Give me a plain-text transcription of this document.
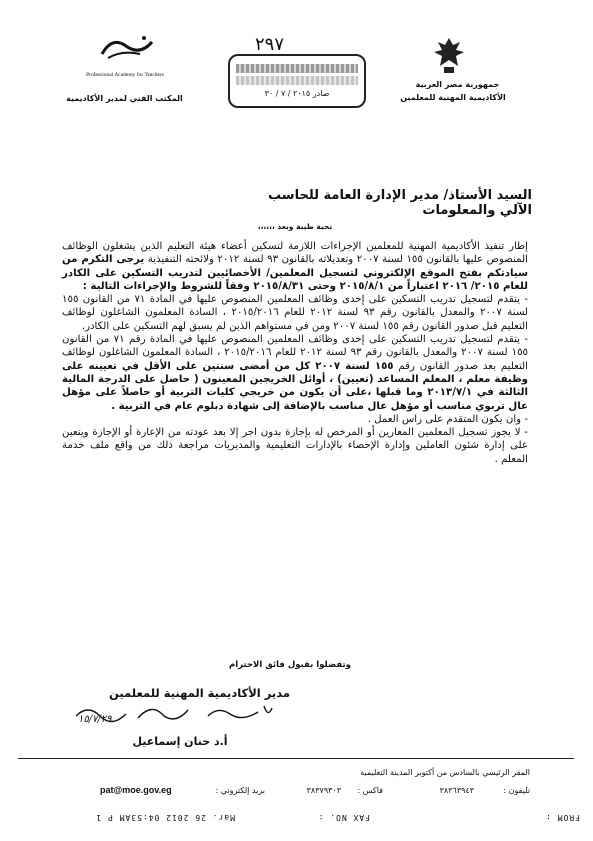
جمهورية مصر العربية
الأكاديمية المهنية للمعلمين
Professional Academy for Teachers
المكتب الفني لمدير الأكاديمية
٢٩٧
صادر ٢٠١٥ / ٧ / ٣٠
السيد الأستاذ/ مدير الإدارة العامة للحاسب الآلي والمعلومات
تحية طيبة وبعد ،،،،،،

إطار تنفيذ الأكاديمية المهنية للمعلمين الإجراءات اللازمة لتسكين أعضاء هيئة التعليم الذين يشغلون الوظائف المنصوص عليها بالقانون ١٥٥ لسنة ٢٠٠٧ وتعديلاته بالقانون ٩٣ لسنة ٢٠١٢ ولائحته التنفيذية يرجى التكرم من سيادتكم بفتح الموقع الإلكتروني لتسجيل المعلمين/ الأخصائيين لتدريب التسكين على الكادر للعام ٢٠١٥/ ٢٠١٦ اعتباراً من ٢٠١٥/٨/١ وحتى ٢٠١٥/٨/٣١ وفقاً للشروط والإجراءات التالية :

- يتقدم لتسجيل تدريب التسكين على إحدى وظائف المعلمين المنصوص عليها في المادة ٧١ من القانون ١٥٥ لسنة ٢٠٠٧ والمعدل بالقانون رقم ٩٣ لسنة ٢٠١٢ للعام ٢٠١٥/٢٠١٦ ، السادة المعلمون الشاغلون لوظائف التعليم قبل صدور القانون رقم ١٥٥ لسنة ٢٠٠٧ ومن في مستواهم الذين لم يسبق لهم التسكين على الكادر.

- يتقدم لتسجيل تدريب التسكين على إحدى وظائف المعلمين المنصوص عليها في المادة رقم ٧١ من القانون ١٥٥ لسنة ٢٠٠٧ والمعدل بالقانون رقم ٩٣ لسنة ٢٠١٢ للعام ٢٠١٥/٢٠١٦ ، السادة المعلمون الشاغلون لوظائف التعليم بعد صدور القانون رقم ١٥٥ لسنة ٢٠٠٧ كل من أمضى سنتين على الأقل في تعيينه على وظيفة معلم ، المعلم المساعد (تعيين) ، أوائل الخريجين المعينون ( حاصل على الدرجة المالية الثالثة في ٢٠١٣/٧/١ وما قبلها ،على أن يكون من خريجي كليات التربية أو حاصلاً على مؤهل عال تربوي مناسب أو مؤهل عال مناسب بالإضافة إلى شهادة دبلوم عام في التربية .

- وان يكون المتقدم على راس العمل .

- لا يجوز تسجيل المعلمين المعارين أو المرخص له بإجازة بدون اجر إلا بعد عودته من الإعارة أو الإجازة ويتعين على إدارة شئون العاملين وإدارة الإحصاء بالإدارات التعليمية والمديريات مراجعة ذلك من واقع ملف خدمة المعلم .

وتفضلوا بقبول فائق الاحترام
مدير الأكاديمية المهنية للمعلمين
١٥/٧/٢٩
أ.د حنان إسماعيل
المقر الرئيسي بالسادس من أكتوبر المدينة التعليمية
تليفون :
٣٨٣٦٣٩٤٣
فاكس :
٣٨٣٧٩٣٠٣
بريد إلكتروني :
pat@moe.gov.eg
Mar. 26 2012 04:53AM P 1	FAX NO. :	FROM :
